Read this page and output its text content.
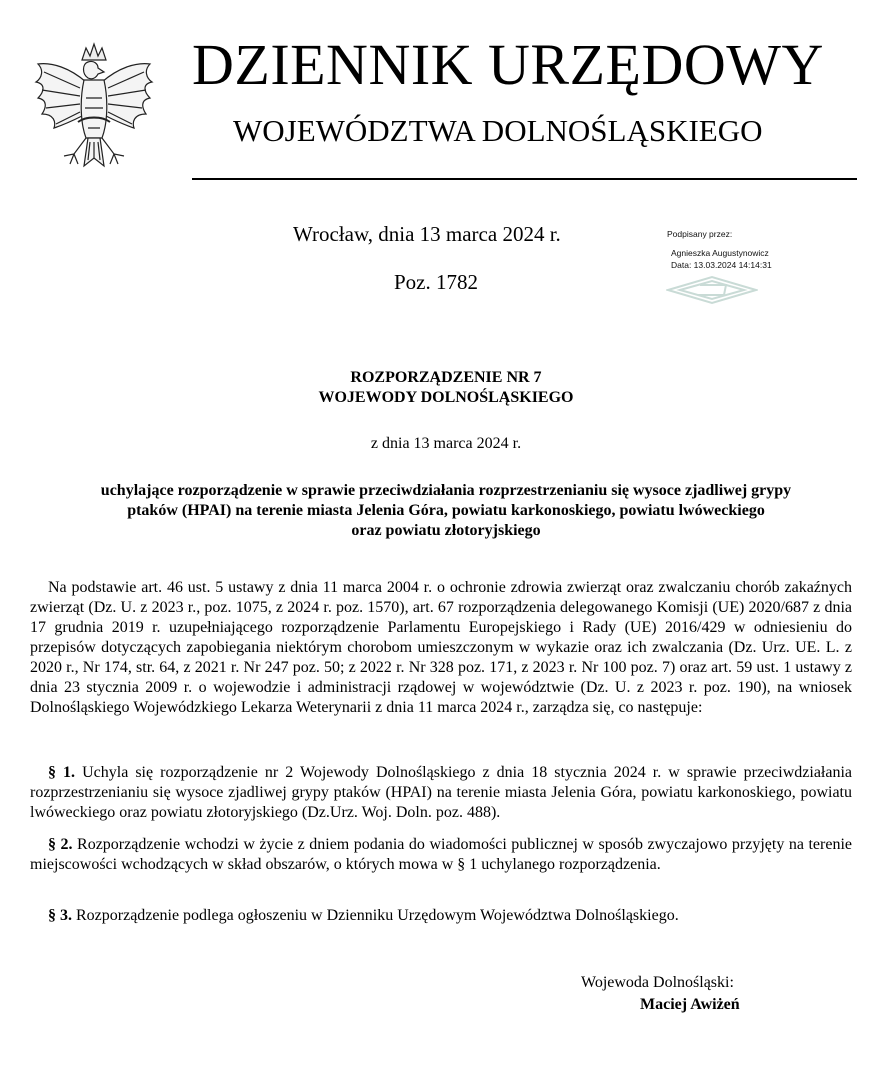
DZIENNIK URZĘDOWY
WOJEWÓDZTWA DOLNOŚLĄSKIEGO
Wrocław, dnia 13 marca 2024 r.
Poz. 1782
Podpisany przez:
Agnieszka Augustynowicz
Data: 13.03.2024 14:14:31
ROZPORZĄDZENIE NR 7
WOJEWODY DOLNOŚLĄSKIEGO
z dnia 13 marca 2024 r.
uchylające rozporządzenie w sprawie przeciwdziałania rozprzestrzenianiu się wysoce zjadliwej grypy
ptaków (HPAI) na terenie miasta Jelenia Góra, powiatu karkonoskiego, powiatu lwóweckiego
oraz powiatu złotoryjskiego

Na podstawie art. 46 ust. 5 ustawy z dnia 11 marca 2004 r. o ochronie zdrowia zwierząt oraz zwalczaniu chorób zakaźnych zwierząt (Dz. U. z 2023 r., poz. 1075, z 2024 r. poz. 1570), art. 67 rozporządzenia delegowanego Komisji (UE) 2020/687 z dnia 17 grudnia 2019 r. uzupełniającego rozporządzenie Parlamentu Europejskiego i Rady (UE) 2016/429 w odniesieniu do przepisów dotyczących zapobiegania niektórym chorobom umieszczonym w wykazie oraz ich zwalczania (Dz. Urz. UE. L. z 2020 r., Nr 174, str. 64, z 2021 r. Nr 247 poz. 50; z 2022 r. Nr 328 poz. 171, z 2023 r. Nr 100 poz. 7) oraz art. 59 ust. 1 ustawy z dnia 23 stycznia 2009 r. o wojewodzie i administracji rządowej w województwie (Dz. U. z 2023 r. poz. 190), na wniosek Dolnośląskiego Wojewódzkiego Lekarza Weterynarii z dnia 11 marca 2024 r., zarządza się, co następuje:

§ 1. Uchyla się rozporządzenie nr 2 Wojewody Dolnośląskiego z dnia 18 stycznia 2024 r. w sprawie przeciwdziałania rozprzestrzenianiu się wysoce zjadliwej grypy ptaków (HPAI) na terenie miasta Jelenia Góra, powiatu karkonoskiego, powiatu lwóweckiego oraz powiatu złotoryjskiego (Dz.Urz. Woj. Doln. poz. 488).

§ 2. Rozporządzenie wchodzi w życie z dniem podania do wiadomości publicznej w sposób zwyczajowo przyjęty na terenie miejscowości wchodzących w skład obszarów, o których mowa w § 1 uchylanego rozporządzenia.

§ 3. Rozporządzenie podlega ogłoszeniu w Dzienniku Urzędowym Województwa Dolnośląskiego.

Wojewoda Dolnośląski:
Maciej Awiżeń
